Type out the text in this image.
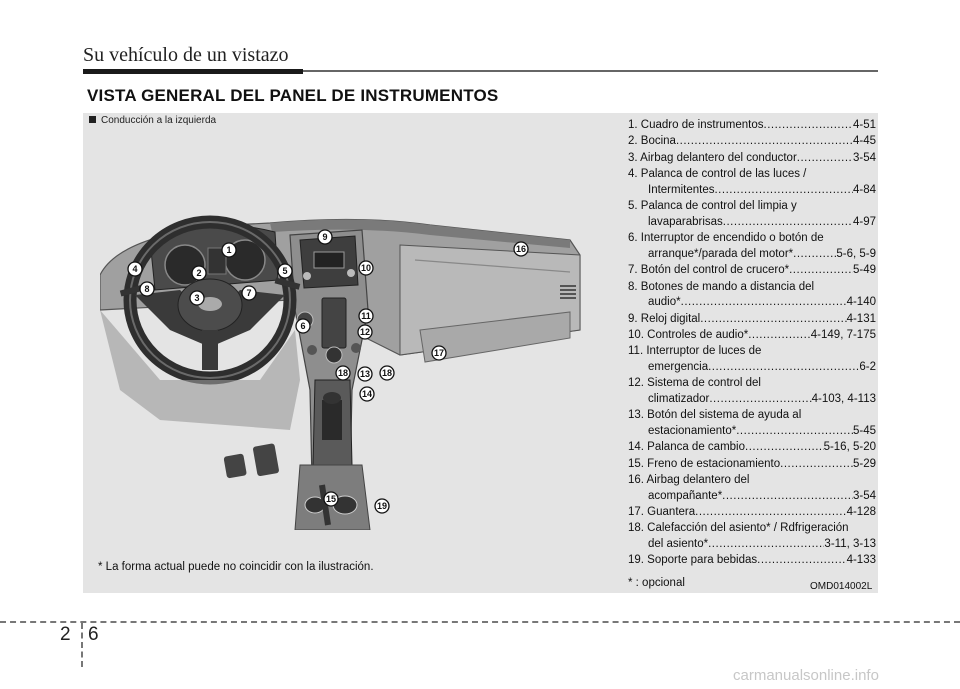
Su vehículo de un vistazo
VISTA GENERAL DEL PANEL DE INSTRUMENTOS
Conducción a la izquierda
1
2
3
4	5
6
7
8
9
10
11
12
13
14
15
16
17
18	18
19
* La forma actual puede no coincidir con la ilustración.
OMD014002L
1. Cuadro de instrumentos .....	4-51
2. Bocina .....	4-45
3. Airbag delantero del conductor .....	3-54
4. Palanca de control de las luces /
Intermitentes .....	4-84
5. Palanca de control del limpia y
lavaparabrisas .....	4-97
6. Interruptor de encendido o botón de
arranque*/parada del motor* .....	5-6, 5-9
7. Botón del control de crucero* .....	5-49
8. Botones de mando a distancia del
audio* .....	4-140
9. Reloj digital .....	4-131
10. Controles de audio* .....	4-149, 7-175
11. Interruptor de luces de
emergencia .....	6-2
12. Sistema de control del
climatizador .....	4-103, 4-113
13. Botón del sistema de ayuda al
estacionamiento* .....	5-45
14. Palanca de cambio .....	5-16, 5-20
15. Freno de estacionamiento .....	5-29
16. Airbag delantero del
acompañante* .....	3-54
17. Guantera .....	4-128
18. Calefacción del asiento* / Rdfrigeración
del asiento* .....	3-11, 3-13
19. Soporte para bebidas .....	4-133
* : opcional
2 6
carmanualsonline.info
